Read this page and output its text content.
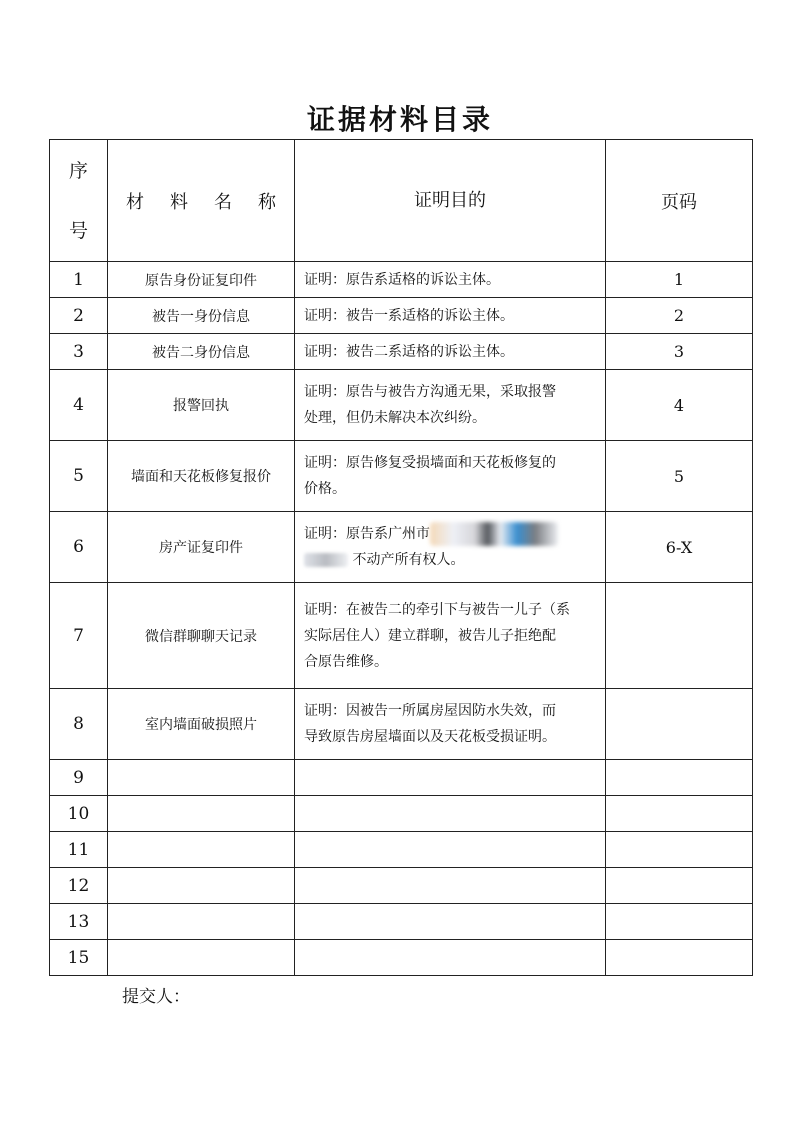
证据材料目录
序
号	材 料 名 称	证明目的	页码
1	原告身份证复印件	证明：原告系适格的诉讼主体。	1
2	被告一身份信息	证明：被告一系适格的诉讼主体。	2
3	被告二身份信息	证明：被告二系适格的诉讼主体。	3
4	报警回执	证明：原告与被告方沟通无果，采取报警
处理，但仍未解决本次纠纷。	4
5	墙面和天花板修复报价	证明：原告修复受损墙面和天花板修复的
价格。	5
6	房产证复印件	证明：原告系广州市
不动产所有权人。	6-X
7	微信群聊聊天记录	证明：在被告二的牵引下与被告一儿子（系
实际居住人）建立群聊，被告儿子拒绝配
合原告维修。	
8	室内墙面破损照片	证明：因被告一所属房屋因防水失效，而
导致原告房屋墙面以及天花板受损证明。	
9			
10			
11			
12			
13			
15			
提交人：
